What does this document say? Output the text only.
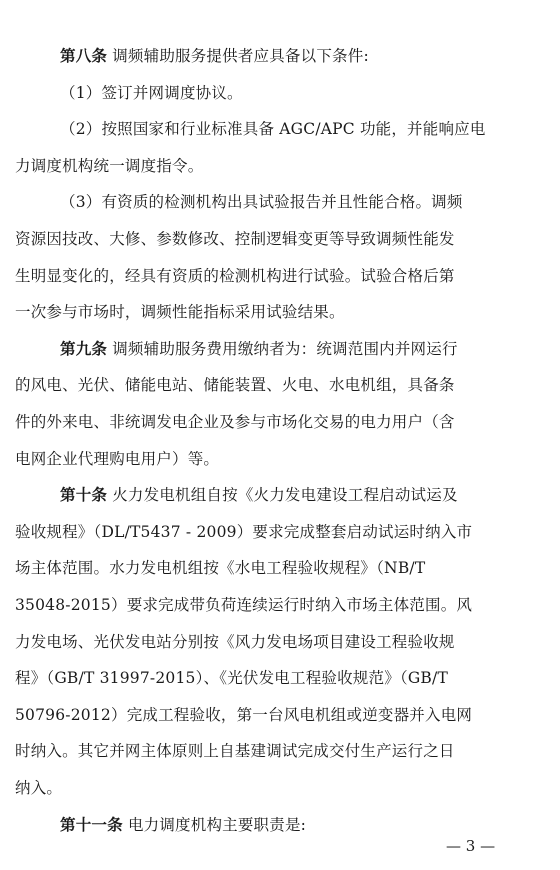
第八条 调频辅助服务提供者应具备以下条件:
（1）签订并网调度协议。
（2）按照国家和行业标准具备 AGC/APC 功能，并能响应电
力调度机构统一调度指令。
（3）有资质的检测机构出具试验报告并且性能合格。调频
资源因技改、大修、参数修改、控制逻辑变更等导致调频性能发
生明显变化的，经具有资质的检测机构进行试验。试验合格后第
一次参与市场时，调频性能指标采用试验结果。
第九条 调频辅助服务费用缴纳者为：统调范围内并网运行
的风电、光伏、储能电站、储能装置、火电、水电机组，具备条
件的外来电、非统调发电企业及参与市场化交易的电力用户（含
电网企业代理购电用户）等。
第十条 火力发电机组自按《火力发电建设工程启动试运及
验收规程》（DL/T5437 - 2009）要求完成整套启动试运时纳入市
场主体范围。水力发电机组按《水电工程验收规程》（NB/T
35048-2015）要求完成带负荷连续运行时纳入市场主体范围。风
力发电场、光伏发电站分别按《风力发电场项目建设工程验收规
程》（GB/T 31997-2015）、《光伏发电工程验收规范》（GB/T
50796-2012）完成工程验收，第一台风电机组或逆变器并入电网
时纳入。其它并网主体原则上自基建调试完成交付生产运行之日
纳入。
第十一条 电力调度机构主要职责是:
— 3 —
